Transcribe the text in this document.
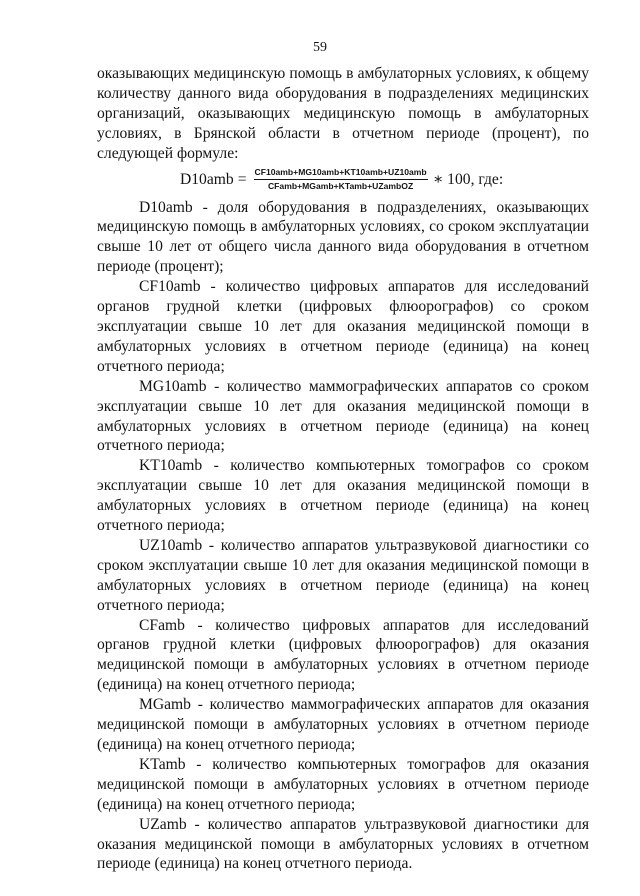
59

оказывающих медицинскую помощь в амбулаторных условиях, к общему количеству данного вида оборудования в подразделениях медицинских организаций, оказывающих медицинскую помощь в амбулаторных условиях, в Брянской области в отчетном периоде (процент), по следующей формуле:

$D10amb = \frac{\text{CF10amb+MG10amb+KT10amb+UZ10amb}}{\text{CFamb+MGamb+KTamb+UZambOZ}}$ ∗ 100, где:

D10amb - доля оборудования в подразделениях, оказывающих медицинскую помощь в амбулаторных условиях, со сроком эксплуатации свыше 10 лет от общего числа данного вида оборудования в отчетном периоде (процент);

CF10amb - количество цифровых аппаратов для исследований органов грудной клетки (цифровых флюорографов) со сроком эксплуатации свыше 10 лет для оказания медицинской помощи в амбулаторных условиях в отчетном периоде (единица) на конец отчетного периода;

MG10amb - количество маммографических аппаратов со сроком эксплуатации свыше 10 лет для оказания медицинской помощи в амбулаторных условиях в отчетном периоде (единица) на конец отчетного периода;

KT10amb - количество компьютерных томографов со сроком эксплуатации свыше 10 лет для оказания медицинской помощи в амбулаторных условиях в отчетном периоде (единица) на конец отчетного периода;

UZ10amb - количество аппаратов ультразвуковой диагностики со сроком эксплуатации свыше 10 лет для оказания медицинской помощи в амбулаторных условиях в отчетном периоде (единица) на конец отчетного периода;

CFamb - количество цифровых аппаратов для исследований органов грудной клетки (цифровых флюорографов) для оказания медицинской помощи в амбулаторных условиях в отчетном периоде (единица) на конец отчетного периода;

MGamb - количество маммографических аппаратов для оказания медицинской помощи в амбулаторных условиях в отчетном периоде (единица) на конец отчетного периода;

KTamb - количество компьютерных томографов для оказания медицинской помощи в амбулаторных условиях в отчетном периоде (единица) на конец отчетного периода;

UZamb - количество аппаратов ультразвуковой диагностики для оказания медицинской помощи в амбулаторных условиях в отчетном периоде (единица) на конец отчетного периода.
